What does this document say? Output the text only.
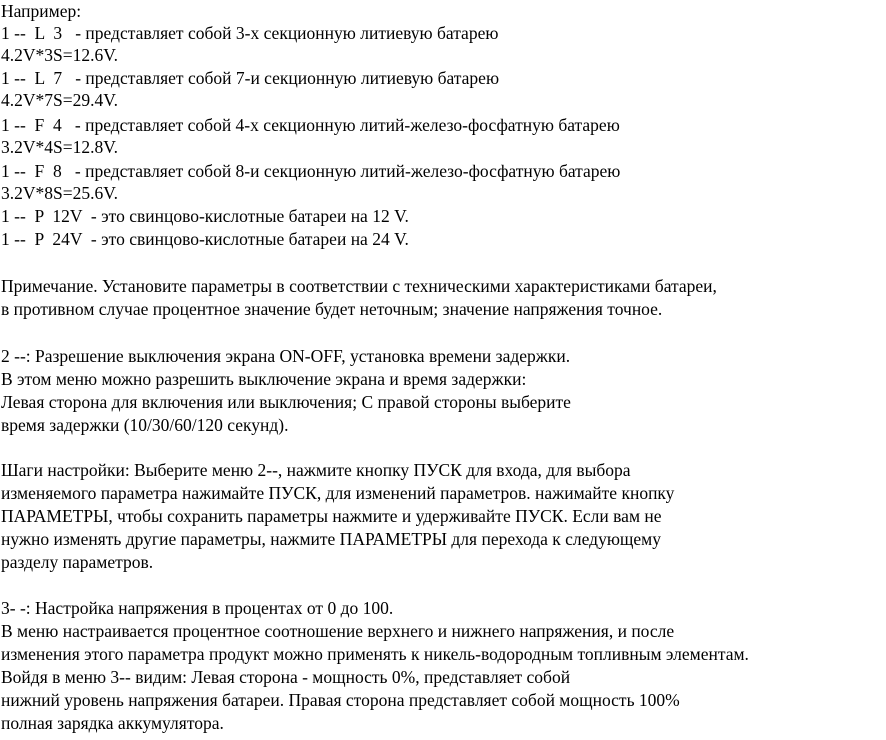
Например:
1 --  L  3   - представляет собой 3-х секционную литиевую батарею
4.2V*3S=12.6V.
1 --  L  7   - представляет собой 7-и секционную литиевую батарею
4.2V*7S=29.4V.
1 --  F  4   - представляет собой 4-х секционную литий-железо-фосфатную батарею
3.2V*4S=12.8V.
1 --  F  8   - представляет собой 8-и секционную литий-железо-фосфатную батарею
3.2V*8S=25.6V.
1 --  P  12V  - это свинцово-кислотные батареи на 12 V.
1 --  P  24V  - это свинцово-кислотные батареи на 24 V.
Примечание. Установите параметры в соответствии с техническими характеристиками батареи,
в противном случае процентное значение будет неточным; значение напряжения точное.
2 --: Разрешение выключения экрана ON-OFF, установка времени задержки.
В этом меню можно разрешить выключение экрана и время задержки:
Левая сторона для включения или выключения; С правой стороны выберите
время задержки (10/30/60/120 секунд).
Шаги настройки: Выберите меню 2--, нажмите кнопку ПУСК для входа, для выбора
изменяемого параметра нажимайте ПУСК, для изменений параметров. нажимайте кнопку
ПАРАМЕТРЫ, чтобы сохранить параметры нажмите и удерживайте ПУСК. Если вам не
нужно изменять другие параметры, нажмите ПАРАМЕТРЫ для перехода к следующему
разделу параметров.
3- -: Настройка напряжения в процентах от 0 до 100.
В меню настраивается процентное соотношение верхнего и нижнего напряжения, и после
изменения этого параметра продукт можно применять к никель-водородным топливным элементам.
Войдя в меню 3-- видим: Левая сторона - мощность 0%, представляет собой
нижний уровень напряжения батареи. Правая сторона представляет собой мощность 100%
полная зарядка аккумулятора.
